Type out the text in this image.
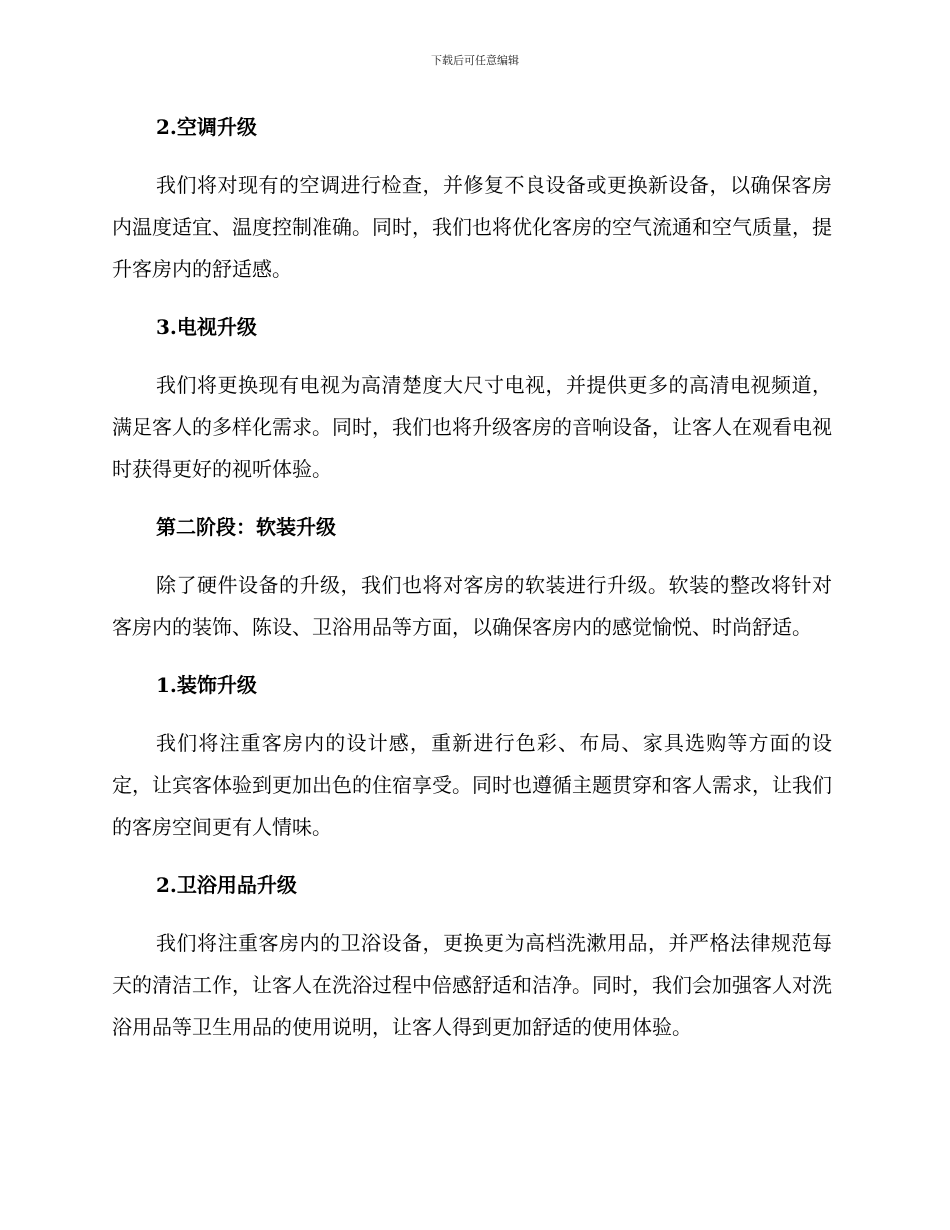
下载后可任意编辑
2.空调升级

我们将对现有的空调进行检查，并修复不良设备或更换新设备，以确保客房内温度适宜、温度控制准确。同时，我们也将优化客房的空气流通和空气质量，提升客房内的舒适感。

3.电视升级

我们将更换现有电视为高清楚度大尺寸电视，并提供更多的高清电视频道，满足客人的多样化需求。同时，我们也将升级客房的音响设备，让客人在观看电视时获得更好的视听体验。

第二阶段：软装升级

除了硬件设备的升级，我们也将对客房的软装进行升级。软装的整改将针对客房内的装饰、陈设、卫浴用品等方面，以确保客房内的感觉愉悦、时尚舒适。

1.装饰升级

我们将注重客房内的设计感，重新进行色彩、布局、家具选购等方面的设定，让宾客体验到更加出色的住宿享受。同时也遵循主题贯穿和客人需求，让我们的客房空间更有人情味。

2.卫浴用品升级

我们将注重客房内的卫浴设备，更换更为高档洗漱用品，并严格法律规范每天的清洁工作，让客人在洗浴过程中倍感舒适和洁净。同时，我们会加强客人对洗浴用品等卫生用品的使用说明，让客人得到更加舒适的使用体验。
